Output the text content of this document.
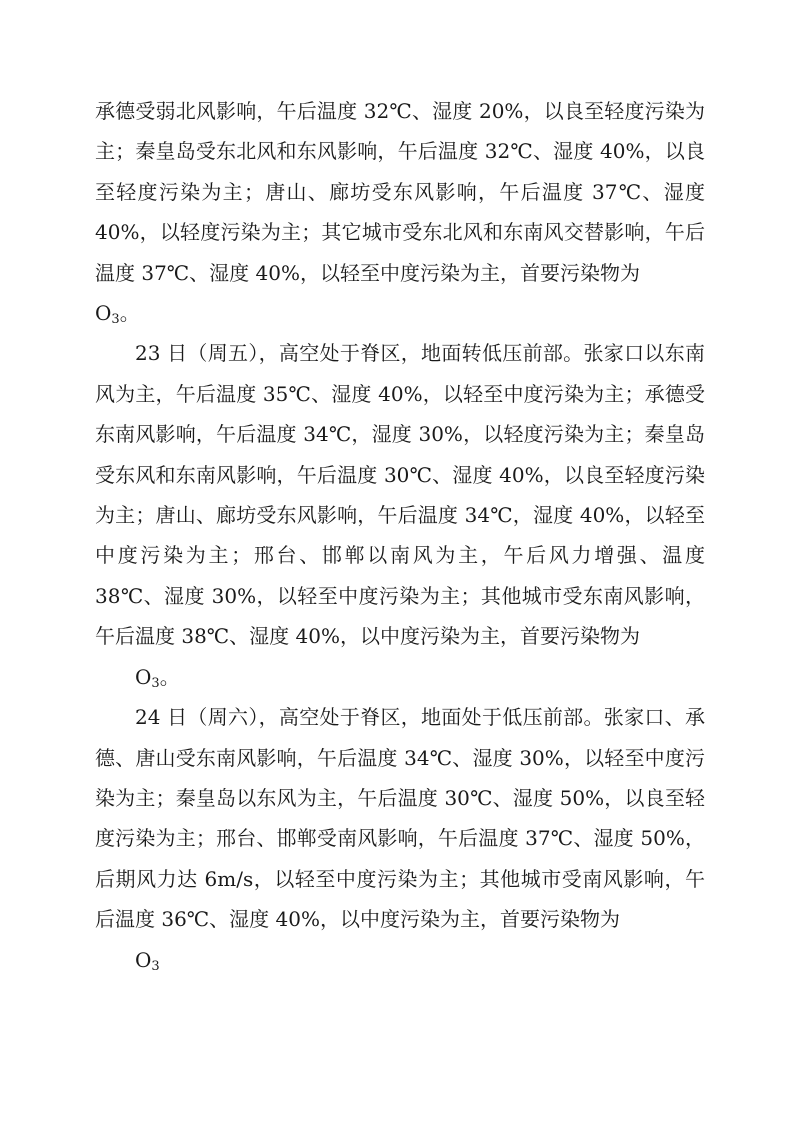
承德受弱北风影响，午后温度 32℃、湿度 20%，以良至轻度污染为主；秦皇岛受东北风和东风影响，午后温度 32℃、湿度 40%，以良至轻度污染为主；唐山、廊坊受东风影响，午后温度 37℃、湿度 40%，以轻度污染为主；其它城市受东北风和东南风交替影响，午后温度 37℃、湿度 40%，以轻至中度污染为主，首要污染物为
$O_3$。

23 日（周五），高空处于脊区，地面转低压前部。张家口以东南风为主，午后温度 35℃、湿度 40%，以轻至中度污染为主；承德受东南风影响，午后温度 34℃，湿度 30%，以轻度污染为主；秦皇岛受东风和东南风影响，午后温度 30℃、湿度 40%，以良至轻度污染为主；唐山、廊坊受东风影响，午后温度 34℃，湿度 40%，以轻至中度污染为主；邢台、邯郸以南风为主，午后风力增强、温度 38℃、湿度 30%，以轻至中度污染为主；其他城市受东南风影响，午后温度 38℃、湿度 40%，以中度污染为主，首要污染物为
$O_3$。

24 日（周六），高空处于脊区，地面处于低压前部。张家口、承德、唐山受东南风影响，午后温度 34℃、湿度 30%，以轻至中度污染为主；秦皇岛以东风为主，午后温度 30℃、湿度 50%，以良至轻度污染为主；邢台、邯郸受南风影响，午后温度 37℃、湿度 50%，后期风力达 6m/s，以轻至中度污染为主；其他城市受南风影响，午后温度 36℃、湿度 40%，以中度污染为主，首要污染物为
$O_3$
